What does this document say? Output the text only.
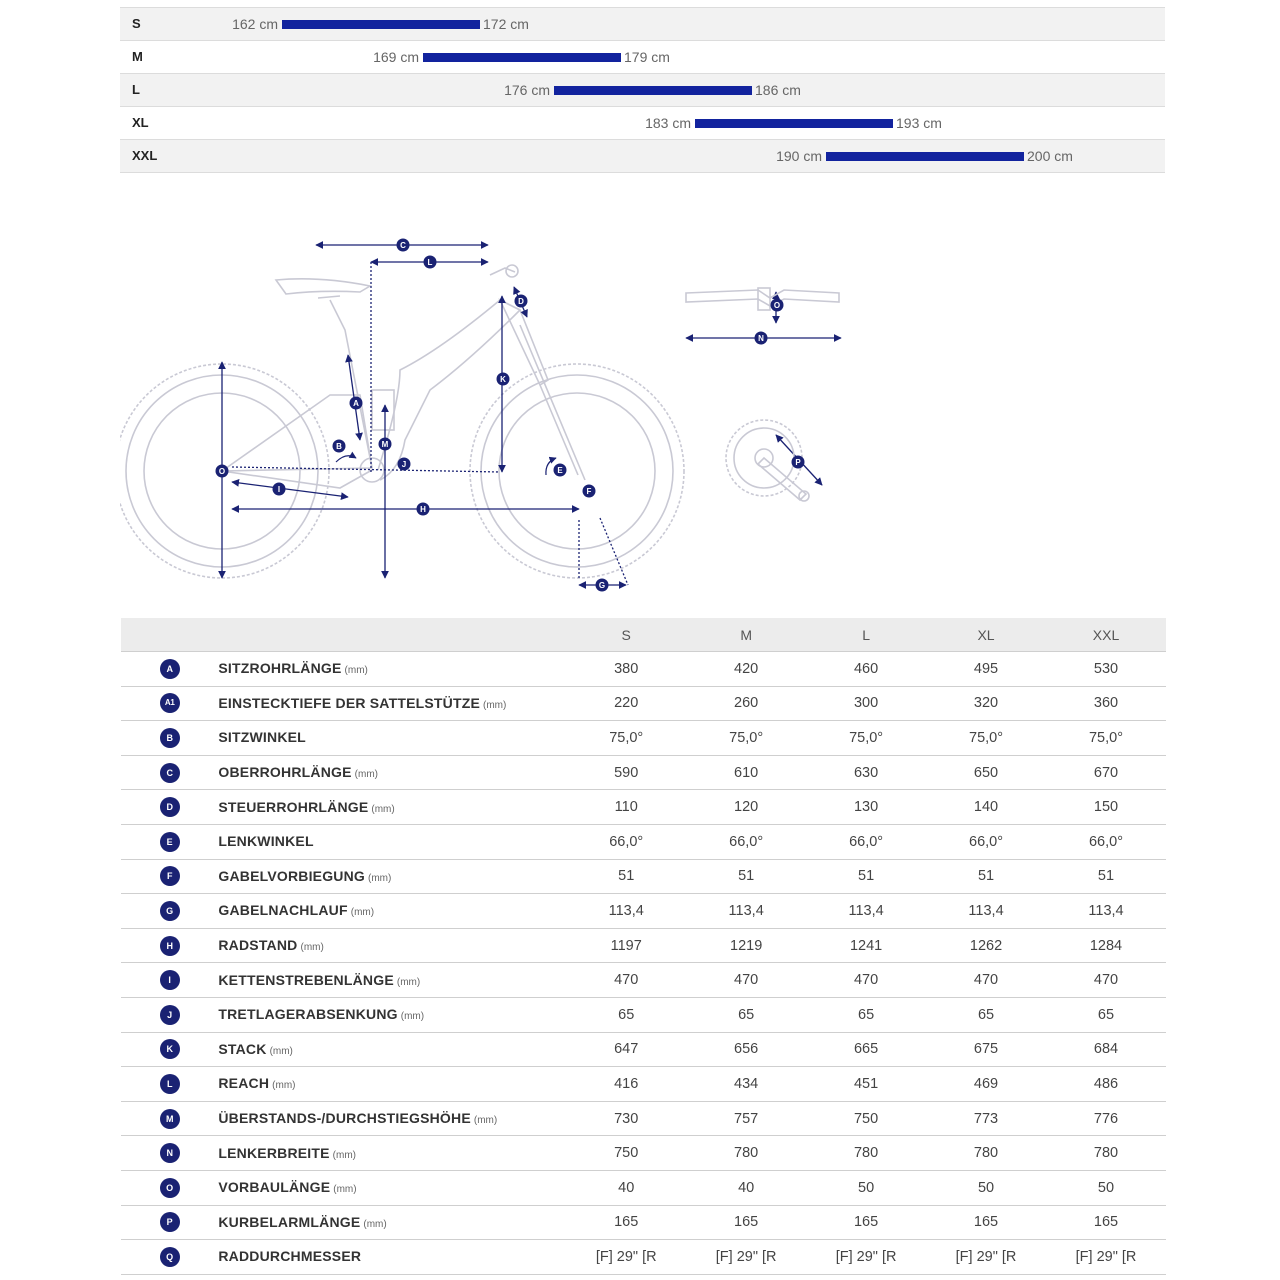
S	162 cm	172 cm
M	169 cm	179 cm
L	176 cm	186 cm
XL	183 cm	193 cm
XXL	190 cm	200 cm
C
L
D
K
A
B	M
J
E
F
O
I
H
G
O
N
P
		S	M	L	XL	XXL
A	SITZROHRLÄNGE (mm)	380	420	460	495	530
A1	EINSTECKTIEFE DER SATTELSTÜTZE (mm)	220	260	300	320	360
B	SITZWINKEL	75,0°	75,0°	75,0°	75,0°	75,0°
C	OBERROHRLÄNGE (mm)	590	610	630	650	670
D	STEUERROHRLÄNGE (mm)	110	120	130	140	150
E	LENKWINKEL	66,0°	66,0°	66,0°	66,0°	66,0°
F	GABELVORBIEGUNG (mm)	51	51	51	51	51
G	GABELNACHLAUF (mm)	113,4	113,4	113,4	113,4	113,4
H	RADSTAND (mm)	1197	1219	1241	1262	1284
I	KETTENSTREBENLÄNGE (mm)	470	470	470	470	470
J	TRETLAGERABSENKUNG (mm)	65	65	65	65	65
K	STACK (mm)	647	656	665	675	684
L	REACH (mm)	416	434	451	469	486
M	ÜBERSTANDS-/DURCHSTIEGSHÖHE (mm)	730	757	750	773	776
N	LENKERBREITE (mm)	750	780	780	780	780
O	VORBAULÄNGE (mm)	40	40	50	50	50
P	KURBELARMLÄNGE (mm)	165	165	165	165	165
Q	RADDURCHMESSER	[F] 29" [R	[F] 29" [R	[F] 29" [R	[F] 29" [R	[F] 29" [R
